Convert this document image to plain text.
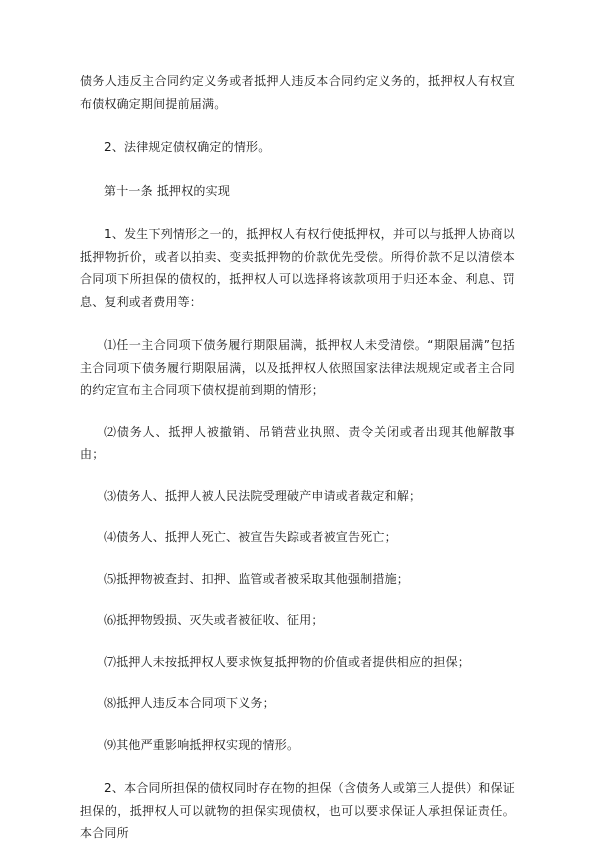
债务人违反主合同约定义务或者抵押人违反本合同约定义务的，抵押权人有权宣布债权确定期间提前届满。

2、法律规定债权确定的情形。

第十一条 抵押权的实现

1、发生下列情形之一的，抵押权人有权行使抵押权，并可以与抵押人协商以抵押物折价，或者以拍卖、变卖抵押物的价款优先受偿。所得价款不足以清偿本合同项下所担保的债权的，抵押权人可以选择将该款项用于归还本金、利息、罚息、复利或者费用等：

⑴任一主合同项下债务履行期限届满，抵押权人未受清偿。“期限届满”包括主合同项下债务履行期限届满，以及抵押权人依照国家法律法规规定或者主合同的约定宣布主合同项下债权提前到期的情形；

⑵债务人、抵押人被撤销、吊销营业执照、责令关闭或者出现其他解散事由；

⑶债务人、抵押人被人民法院受理破产申请或者裁定和解；

⑷债务人、抵押人死亡、被宣告失踪或者被宣告死亡；

⑸抵押物被查封、扣押、监管或者被采取其他强制措施；

⑹抵押物毁损、灭失或者被征收、征用；

⑺抵押人未按抵押权人要求恢复抵押物的价值或者提供相应的担保；

⑻抵押人违反本合同项下义务；

⑼其他严重影响抵押权实现的情形。

2、本合同所担保的债权同时存在物的担保（含债务人或第三人提供）和保证担保的，抵押权人可以就物的担保实现债权，也可以要求保证人承担保证责任。本合同所
